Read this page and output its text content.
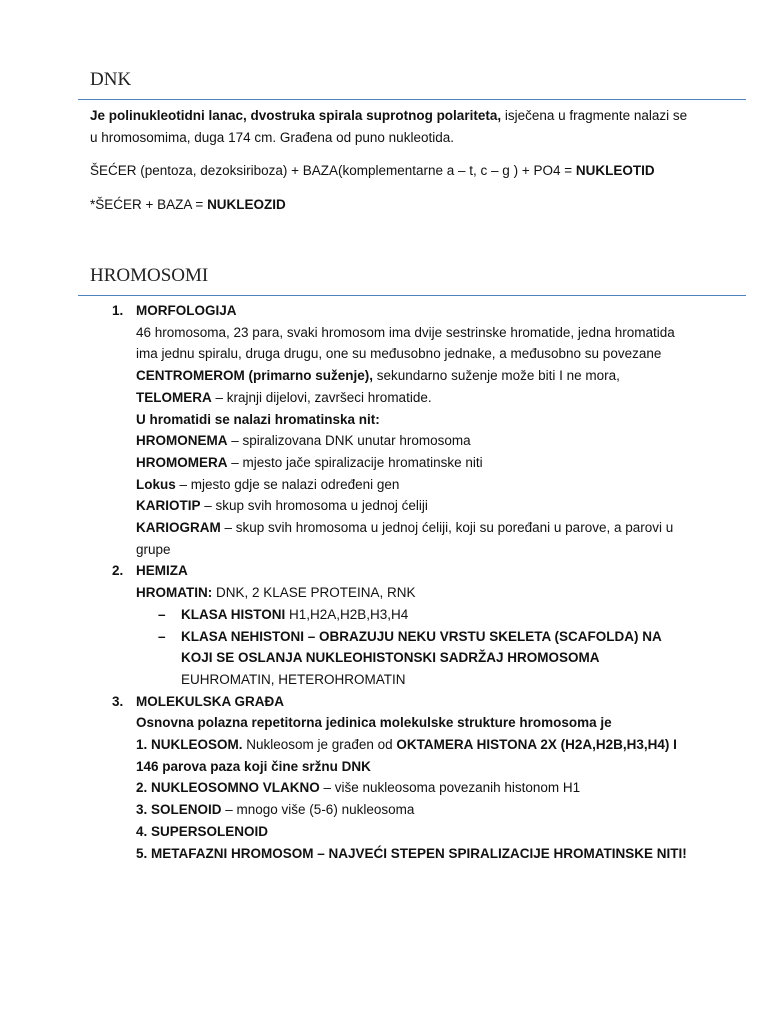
DNK

Je polinukleotidni lanac, dvostruka spirala suprotnog polariteta, isječena u fragmente nalazi se u hromosomima, duga 174 cm. Građena od puno nukleotida.

ŠEĆER (pentoza, dezoksiriboza) + BAZA(komplementarne a – t, c – g ) + PO4 = NUKLEOTID

*ŠEĆER + BAZA = NUKLEOZID

HROMOSOMI
1. MORFOLOGIJA
46 hromosoma, 23 para, svaki hromosom ima dvije sestrinske hromatide, jedna hromatida ima jednu spiralu, druga drugu, one su međusobno jednake, a međusobno su povezane CENTROMEROM (primarno suženje), sekundarno suženje može biti I ne mora, TELOMERA – krajnji dijelovi, završeci hromatide.
U hromatidi se nalazi hromatinska nit:
HROMONEMA – spiralizovana DNK unutar hromosoma
HROMOMERA – mjesto jače spiralizacije hromatinske niti
Lokus – mjesto gdje se nalazi određeni gen
KARIOTIP – skup svih hromosoma u jednoj ćeliji
KARIOGRAM – skup svih hromosoma u jednoj ćeliji, koji su poređani u parove, a parovi u grupe
2. HEMIZA
HROMATIN: DNK, 2 KLASE PROTEINA, RNK
– KLASA HISTONI H1,H2A,H2B,H3,H4
– KLASA NEHISTONI – OBRAZUJU NEKU VRSTU SKELETA (SCAFOLDA) NA KOJI SE OSLANJA NUKLEOHISTONSKI SADRŽAJ HROMOSOMA
EUHROMATIN, HETEROHROMATIN
3. MOLEKULSKA GRAĐA
Osnovna polazna repetitorna jedinica molekulske strukture hromosoma je
1. NUKLEOSOM. Nukleosom je građen od OKTAMERA HISTONA 2X (H2A,H2B,H3,H4) I 146 parova paza koji čine sržnu DNK
2. NUKLEOSOMNO VLAKNO – više nukleosoma povezanih histonom H1
3. SOLENOID – mnogo više (5-6) nukleosoma
4. SUPERSOLENOID
5. METAFAZNI HROMOSOM – NAJVEĆI STEPEN SPIRALIZACIJE HROMATINSKE NITI!
